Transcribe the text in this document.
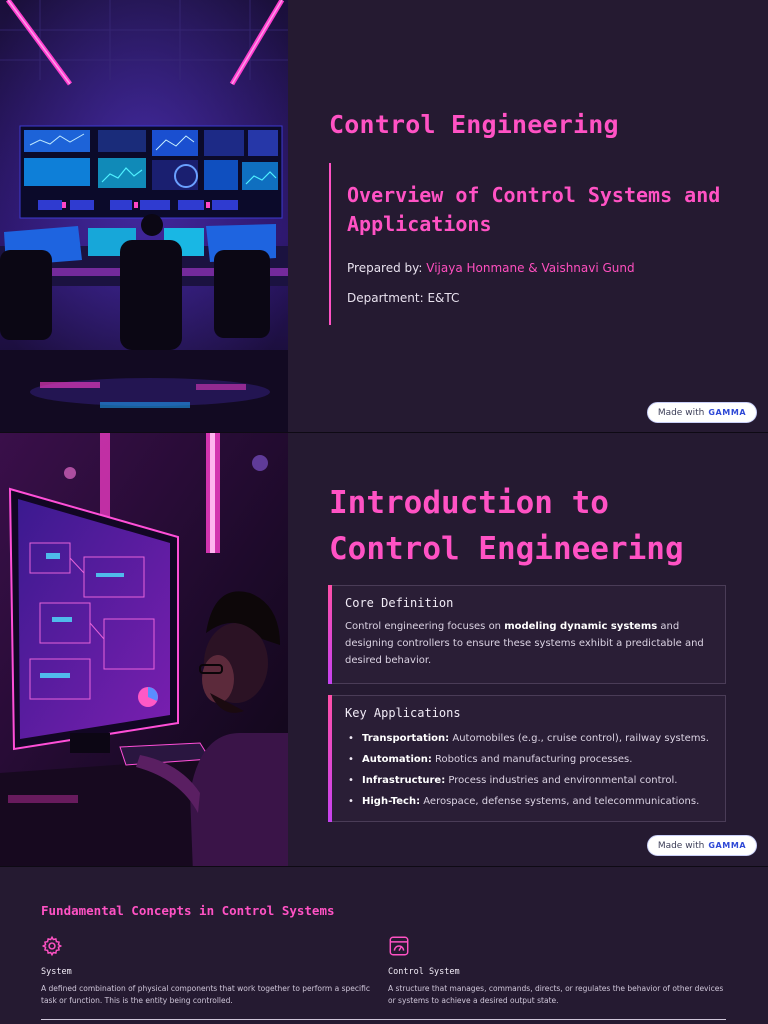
Control Engineering
Overview of Control Systems and Applications

Prepared by: Vijaya Honmane & Vaishnavi Gund

Department: E&TC

Made with GAMMA
Introduction to Control Engineering
Core Definition

Control engineering focuses on modeling dynamic systems and designing controllers to ensure these systems exhibit a predictable and desired behavior.

Key Applications
• Transportation: Automobiles (e.g., cruise control), railway systems.
• Automation: Robotics and manufacturing processes.
• Infrastructure: Process industries and environmental control.
• High-Tech: Aerospace, defense systems, and telecommunications.
Made with GAMMA
Fundamental Concepts in Control Systems
System

A defined combination of physical components that work together to perform a specific task or function. This is the entity being controlled.

Control System

A structure that manages, commands, directs, or regulates the behavior of other devices or systems to achieve a desired output state.
